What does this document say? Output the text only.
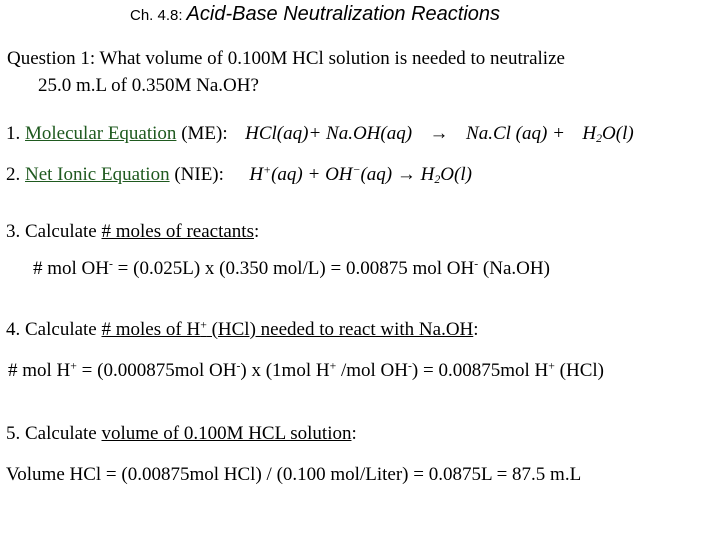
Ch. 4.8: Acid-Base Neutralization Reactions
Question 1: What volume of 0.100M HCl solution is needed to neutralize
25.0 m.L of 0.350M Na.OH?
1. Molecular Equation (ME): HCl(aq)+ Na.OH(aq) → Na.Cl $(aq) + H_2O(l)$
2. Net Ionic Equation (NIE): $H^+(aq) + OH^-(aq) \to H_2O(l)$
3. Calculate # moles of reactants:
# mol OH- = (0.025L) x (0.350 mol/L) = 0.00875 mol OH- (Na.OH)
4. Calculate # moles of H+ (HCl) needed to react with Na.OH:
# mol H+ = (0.000875mol OH-) x (1mol H+ /mol OH-) = 0.00875mol H+ (HCl)
5. Calculate volume of 0.100M HCL solution:
Volume HCl = (0.00875mol HCl) / (0.100 mol/Liter) = 0.0875L = 87.5 m.L
